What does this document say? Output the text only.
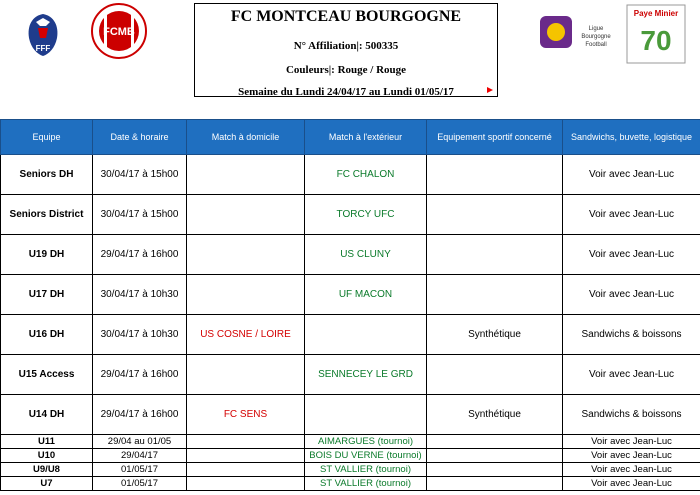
FFF
FCMB
FC MONTCEAU BOURGOGNE
N° Affiliation|: 500335
Couleurs|: Rouge / Rouge
Semaine du Lundi 24/04/17 au Lundi 01/05/17
Ligue
Bourgogne
Football
Paye Minier
70
Equipe	Date & horaire	Match à domicile	Match à l'extérieur	Equipement sportif concerné	Sandwichs, buvette, logistique
Seniors DH	30/04/17 à 15h00		FC CHALON		Voir avec Jean-Luc
Seniors District	30/04/17 à 15h00		TORCY UFC		Voir avec Jean-Luc
U19 DH	29/04/17 à 16h00		US CLUNY		Voir avec Jean-Luc
U17 DH	30/04/17 à 10h30		UF MACON		Voir avec Jean-Luc
U16 DH	30/04/17 à 10h30	US COSNE / LOIRE		Synthétique	Sandwichs & boissons
U15 Access	29/04/17 à 16h00		SENNECEY LE GRD		Voir avec Jean-Luc
U14 DH	29/04/17 à 16h00	FC SENS		Synthétique	Sandwichs & boissons
U11	29/04 au 01/05		AIMARGUES (tournoi)		Voir avec Jean-Luc
U10	29/04/17		BOIS DU VERNE (tournoi)		Voir avec Jean-Luc
U9/U8	01/05/17		ST VALLIER (tournoi)		Voir avec Jean-Luc
U7	01/05/17		ST VALLIER (tournoi)		Voir avec Jean-Luc
